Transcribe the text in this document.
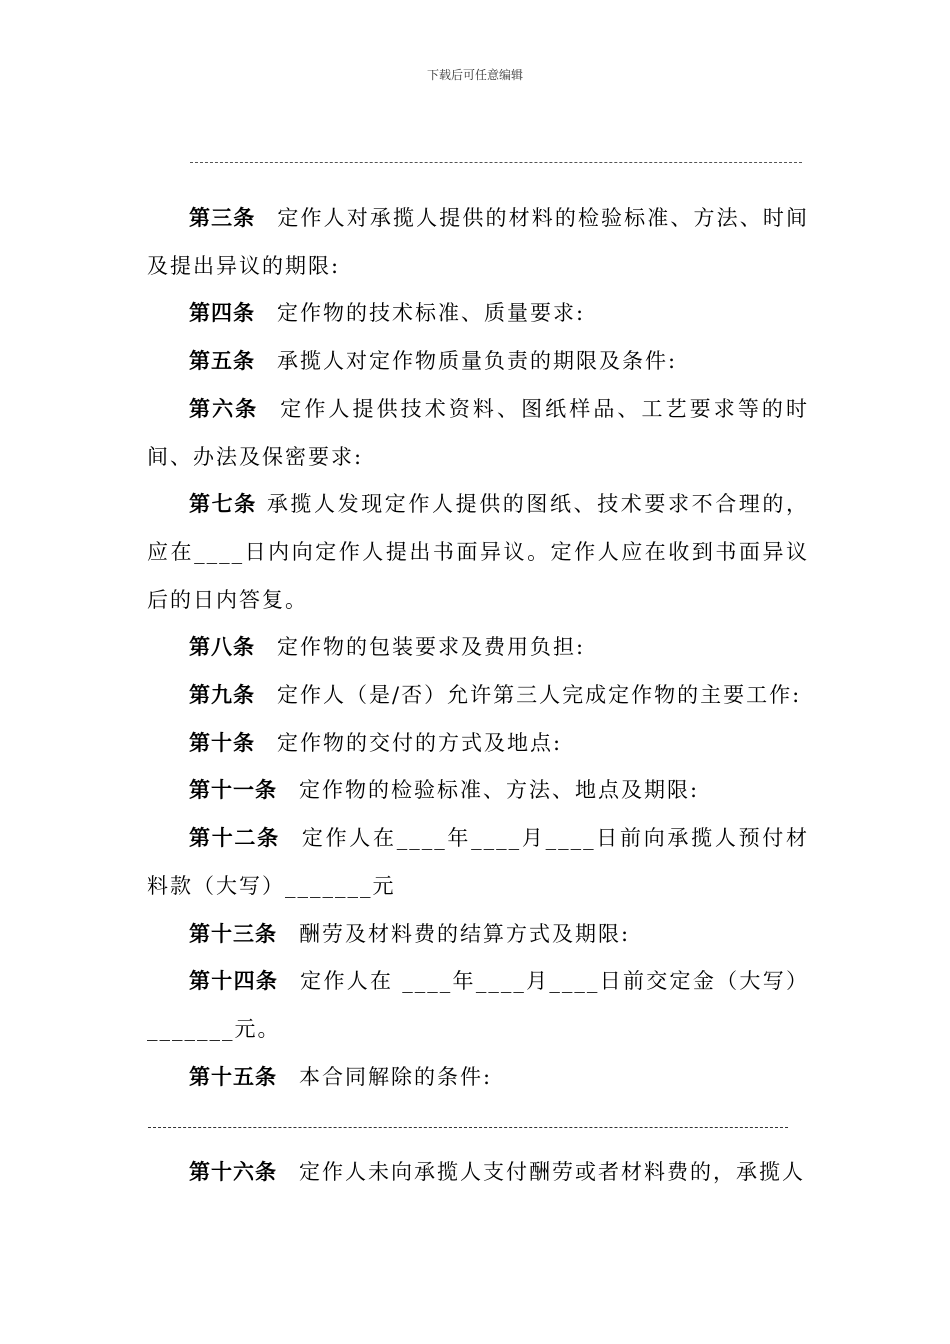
下载后可任意编辑

第三条 定作人对承揽人提供的材料的检验标准、方法、时间及提出异议的期限:

第四条 定作物的技术标准、质量要求:

第五条 承揽人对定作物质量负责的期限及条件:

第六条 定作人提供技术资料、图纸样品、工艺要求等的时间、办法及保密要求:

第七条 承揽人发现定作人提供的图纸、技术要求不合理的，应在____日内向定作人提出书面异议。定作人应在收到书面异议后的日内答复。

第八条 定作物的包装要求及费用负担:

第九条 定作人（是/否）允许第三人完成定作物的主要工作:

第十条 定作物的交付的方式及地点:

第十一条 定作物的检验标准、方法、地点及期限:

第十二条 定作人在____年____月____日前向承揽人预付材料款（大写）_______元

第十三条 酬劳及材料费的结算方式及期限:

第十四条 定作人在 ____年____月____日前交定金（大写）_______元。

第十五条 本合同解除的条件:

第十六条 定作人未向承揽人支付酬劳或者材料费的，承揽人
